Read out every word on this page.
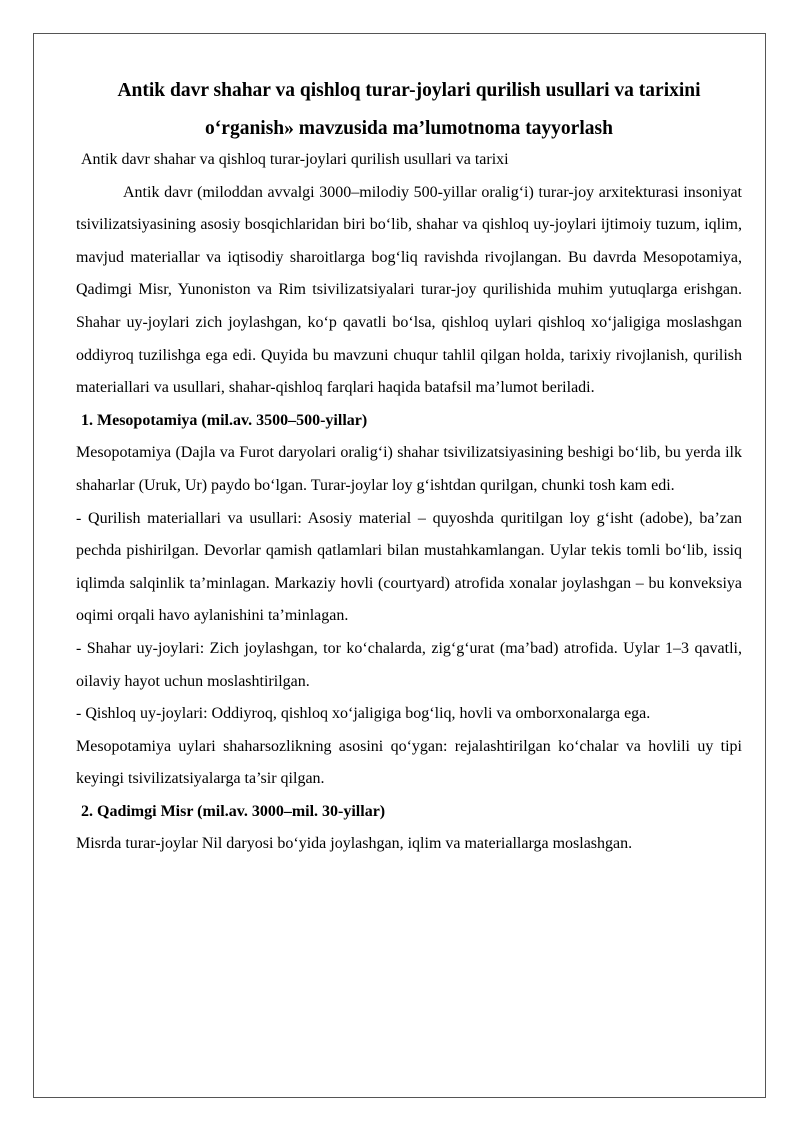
Antik davr shahar va qishloq turar-joylari qurilish usullari va tarixini o‘rganish» mavzusida ma’lumotnoma tayyorlash

Antik davr shahar va qishloq turar-joylari qurilish usullari va tarixi

Antik davr (miloddan avvalgi 3000–milodiy 500-yillar oralig‘i) turar-joy arxitekturasi insoniyat tsivilizatsiyasining asosiy bosqichlaridan biri bo‘lib, shahar va qishloq uy-joylari ijtimoiy tuzum, iqlim, mavjud materiallar va iqtisodiy sharoitlarga bog‘liq ravishda rivojlangan. Bu davrda Mesopotamiya, Qadimgi Misr, Yunoniston va Rim tsivilizatsiyalari turar-joy qurilishida muhim yutuqlarga erishgan. Shahar uy-joylari zich joylashgan, ko‘p qavatli bo‘lsa, qishloq uylari qishloq xo‘jaligiga moslashgan oddiyroq tuzilishga ega edi. Quyida bu mavzuni chuqur tahlil qilgan holda, tarixiy rivojlanish, qurilish materiallari va usullari, shahar-qishloq farqlari haqida batafsil ma’lumot beriladi.

1. Mesopotamiya (mil.av. 3500–500-yillar)

Mesopotamiya (Dajla va Furot daryolari oralig‘i) shahar tsivilizatsiyasining beshigi bo‘lib, bu yerda ilk shaharlar (Uruk, Ur) paydo bo‘lgan. Turar-joylar loy g‘ishtdan qurilgan, chunki tosh kam edi.

- Qurilish materiallari va usullari: Asosiy material – quyoshda quritilgan loy g‘isht (adobe), ba’zan pechda pishirilgan. Devorlar qamish qatlamlari bilan mustahkamlangan. Uylar tekis tomli bo‘lib, issiq iqlimda salqinlik ta’minlagan. Markaziy hovli (courtyard) atrofida xonalar joylashgan – bu konveksiya oqimi orqali havo aylanishini ta’minlagan.

- Shahar uy-joylari: Zich joylashgan, tor ko‘chalarda, zig‘g‘urat (ma’bad) atrofida. Uylar 1–3 qavatli, oilaviy hayot uchun moslashtirilgan.

- Qishloq uy-joylari: Oddiyroq, qishloq xo‘jaligiga bog‘liq, hovli va omborxonalarga ega.

Mesopotamiya uylari shaharsozlikning asosini qo‘ygan: rejalashtirilgan ko‘chalar va hovlili uy tipi keyingi tsivilizatsiyalarga ta’sir qilgan.

2. Qadimgi Misr (mil.av. 3000–mil. 30-yillar)

Misrda turar-joylar Nil daryosi bo‘yida joylashgan, iqlim va materiallarga moslashgan.
